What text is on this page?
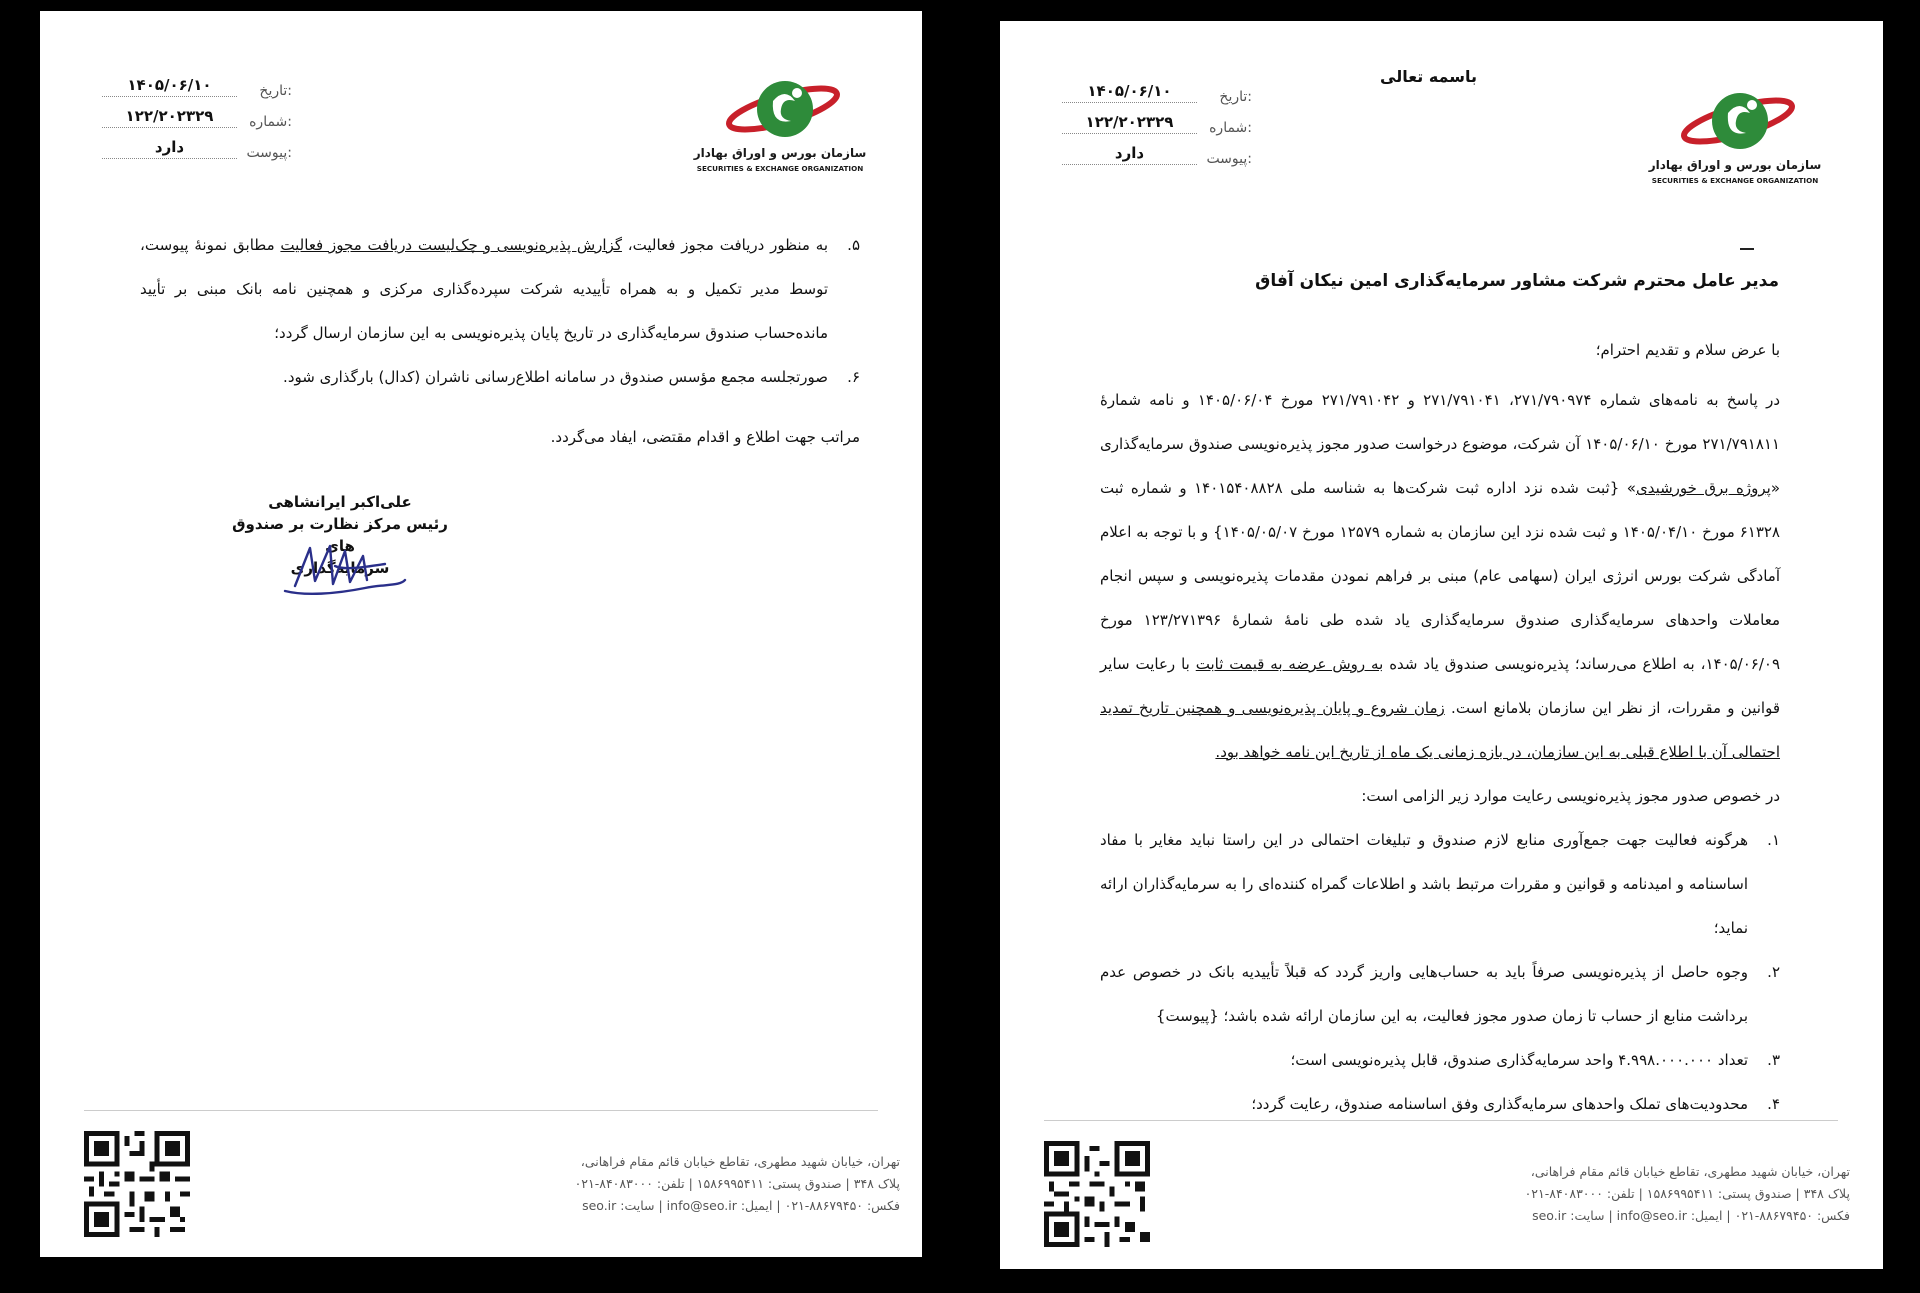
تاریخ:
۱۴۰۵/۰۶/۱۰
شماره:
۱۲۲/۲۰۲۳۲۹
پیوست:
دارد	سازمان بورس و اوراق بهادار
SECURITIES & EXCHANGE ORGANIZATION
۵.
به منظور دریافت مجوز فعالیت، گزارش پذیره‌نویسی و چک‌لیست دریافت مجوز فعالیت مطابق نمونهٔ پیوست، توسط مدیر تکمیل و به همراه تأییدیه شرکت سپرده‌گذاری مرکزی و همچنین نامه بانک مبنی بر تأیید مانده‌حساب صندوق سرمایه‌گذاری در تاریخ پایان پذیره‌نویسی به این سازمان ارسال گردد؛
۶.
صورتجلسه مجمع مؤسس صندوق در سامانه اطلاع‌رسانی ناشران (کدال) بارگذاری شود.
مراتب جهت اطلاع و اقدام مقتضی، ایفاد می‌گردد.
علی‌اکبر ایرانشاهی
رئیس مرکز نظارت بر صندوق های
سرمایه‌گذاری
تهران، خیابان شهید مطهری، تقاطع خیابان قائم مقام فراهانی،
پلاک ۳۴۸ | صندوق پستی: ۱۵۸۶۹۹۵۴۱۱ | تلفن: ۸۴۰۸۳۰۰۰-۰۲۱
فکس: ۸۸۶۷۹۴۵۰-۰۲۱ | ایمیل: info@seo.ir | سایت: seo.ir
باسمه تعالی
تاریخ:
۱۴۰۵/۰۶/۱۰
شماره:
۱۲۲/۲۰۲۳۲۹
پیوست:
دارد
سازمان بورس و اوراق بهادار
SECURITIES & EXCHANGE ORGANIZATION
مدیر عامل محترم شرکت مشاور سرمایه‌گذاری امین نیکان آفاق
با عرض سلام و تقدیم احترام؛
در پاسخ به نامه‌های شماره ۲۷۱/۷۹۰۹۷۴، ۲۷۱/۷۹۱۰۴۱ و ۲۷۱/۷۹۱۰۴۲ مورخ ۱۴۰۵/۰۶/۰۴ و نامه شمارهٔ ۲۷۱/۷۹۱۸۱۱ مورخ ۱۴۰۵/۰۶/۱۰ آن شرکت، موضوع درخواست صدور مجوز پذیره‌نویسی صندوق سرمایه‌گذاری «پروژه برق خورشیدی» {ثبت شده نزد اداره ثبت شرکت‌ها به شناسه ملی ۱۴۰۱۵۴۰۸۸۲۸ و شماره ثبت ۶۱۳۲۸ مورخ ۱۴۰۵/۰۴/۱۰ و ثبت شده نزد این سازمان به شماره ۱۲۵۷۹ مورخ ۱۴۰۵/۰۵/۰۷} و با توجه به اعلام آمادگی شرکت بورس انرژی ایران (سهامی عام) مبنی بر فراهم نمودن مقدمات پذیره‌نویسی و سپس انجام معاملات واحدهای سرمایه‌گذاری صندوق سرمایه‌گذاری یاد شده طی نامهٔ شمارهٔ ۱۲۳/۲۷۱۳۹۶ مورخ ۱۴۰۵/۰۶/۰۹، به اطلاع می‌رساند؛ پذیره‌نویسی صندوق یاد شده به روش عرضه به قیمت ثابت با رعایت سایر قوانین و مقررات، از نظر این سازمان بلامانع است. زمان شروع و پایان پذیره‌نویسی و همچنین تاریخ تمدید احتمالی آن با اطلاع قبلی به این سازمان، در بازه زمانی یک ماه از تاریخ این نامه خواهد بود.
در خصوص صدور مجوز پذیره‌نویسی رعایت موارد زیر الزامی است:
۱.
هرگونه فعالیت جهت جمع‌آوری منابع لازم صندوق و تبلیغات احتمالی در این راستا نباید مغایر با مفاد اساسنامه و امیدنامه و قوانین و مقررات مرتبط باشد و اطلاعات گمراه کننده‌ای را به سرمایه‌گذاران ارائه نماید؛
۲.
وجوه حاصل از پذیره‌نویسی صرفاً باید به حساب‌هایی واریز گردد که قبلاً تأییدیه بانک در خصوص عدم برداشت منابع از حساب تا زمان صدور مجوز فعالیت، به این سازمان ارائه شده باشد؛ {پیوست}
۳.
تعداد ۴.۹۹۸.۰۰۰.۰۰۰ واحد سرمایه‌گذاری صندوق، قابل پذیره‌نویسی است؛
۴.
محدودیت‌های تملک واحدهای سرمایه‌گذاری وفق اساسنامه صندوق، رعایت گردد؛
تهران، خیابان شهید مطهری، تقاطع خیابان قائم مقام فراهانی،
پلاک ۳۴۸ | صندوق پستی: ۱۵۸۶۹۹۵۴۱۱ | تلفن: ۸۴۰۸۳۰۰۰-۰۲۱
فکس: ۸۸۶۷۹۴۵۰-۰۲۱ | ایمیل: info@seo.ir | سایت: seo.ir
